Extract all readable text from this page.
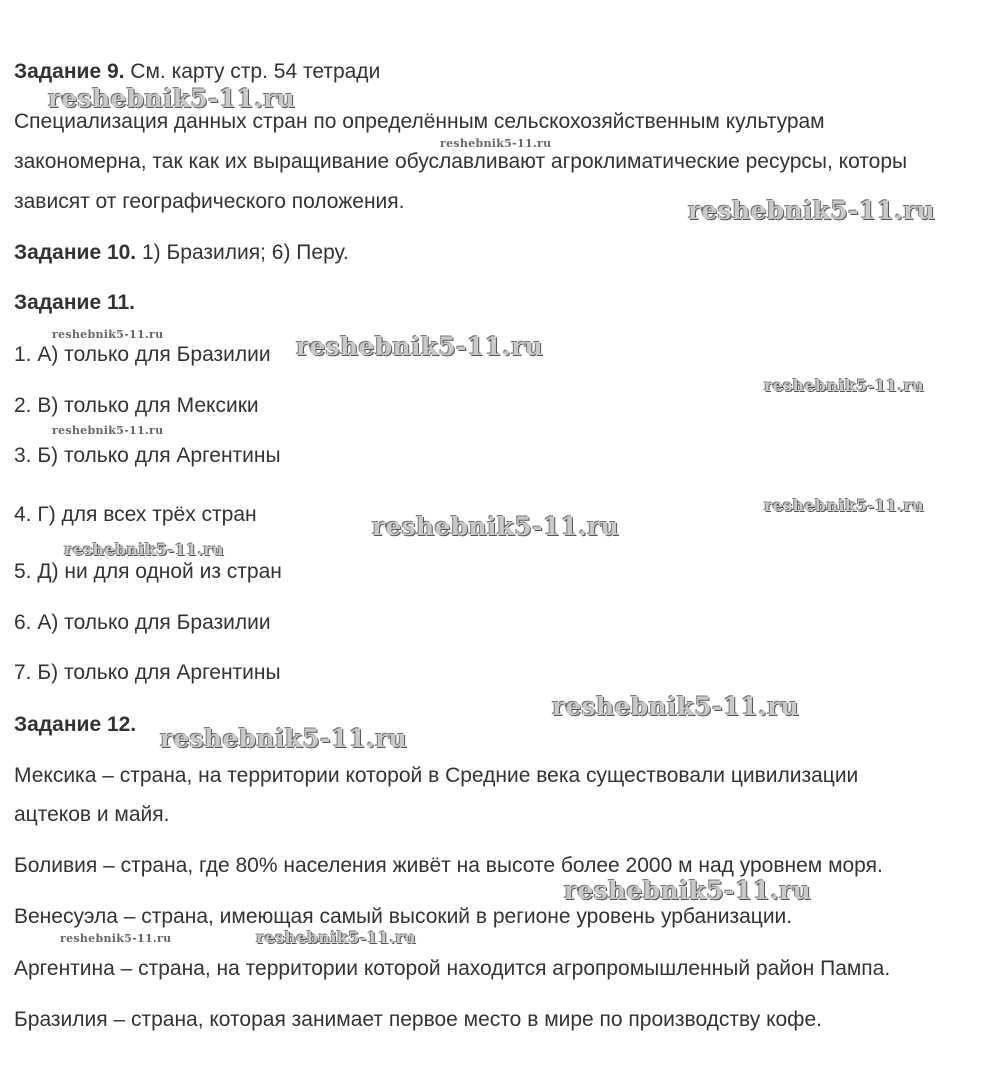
Задание 9. См. карту стр. 54 тетради
Специализация данных стран по определённым сельскохозяйственным культурам
закономерна, так как их выращивание обуславливают агроклиматические ресурсы, которы
зависят от географического положения.
Задание 10. 1) Бразилия; 6) Перу.
Задание 11.
1. А) только для Бразилии
2. В) только для Мексики
3. Б) только для Аргентины
4. Г) для всех трёх стран
5. Д) ни для одной из стран
6. А) только для Бразилии
7. Б) только для Аргентины
Задание 12.
Мексика – страна, на территории которой в Средние века существовали цивилизации
ацтеков и майя.
Боливия – страна, где 80% населения живёт на высоте более 2000 м над уровнем моря.
Венесуэла – страна, имеющая самый высокий в регионе уровень урбанизации.
Аргентина – страна, на территории которой находится агропромышленный район Пампа.
Бразилия – страна, которая занимает первое место в мире по производству кофе.
reshebnik5-11.ru
reshebnik5-11.ru
reshebnik5-11.ru
reshebnik5-11.ru	reshebnik5-11.ru
reshebnik5-11.ru
reshebnik5-11.ru
reshebnik5-11.ru
reshebnik5-11.ru
reshebnik5-11.ru
reshebnik5-11.ru
reshebnik5-11.ru
reshebnik5-11.ru
reshebnik5-11.ru	reshebnik5-11.ru
